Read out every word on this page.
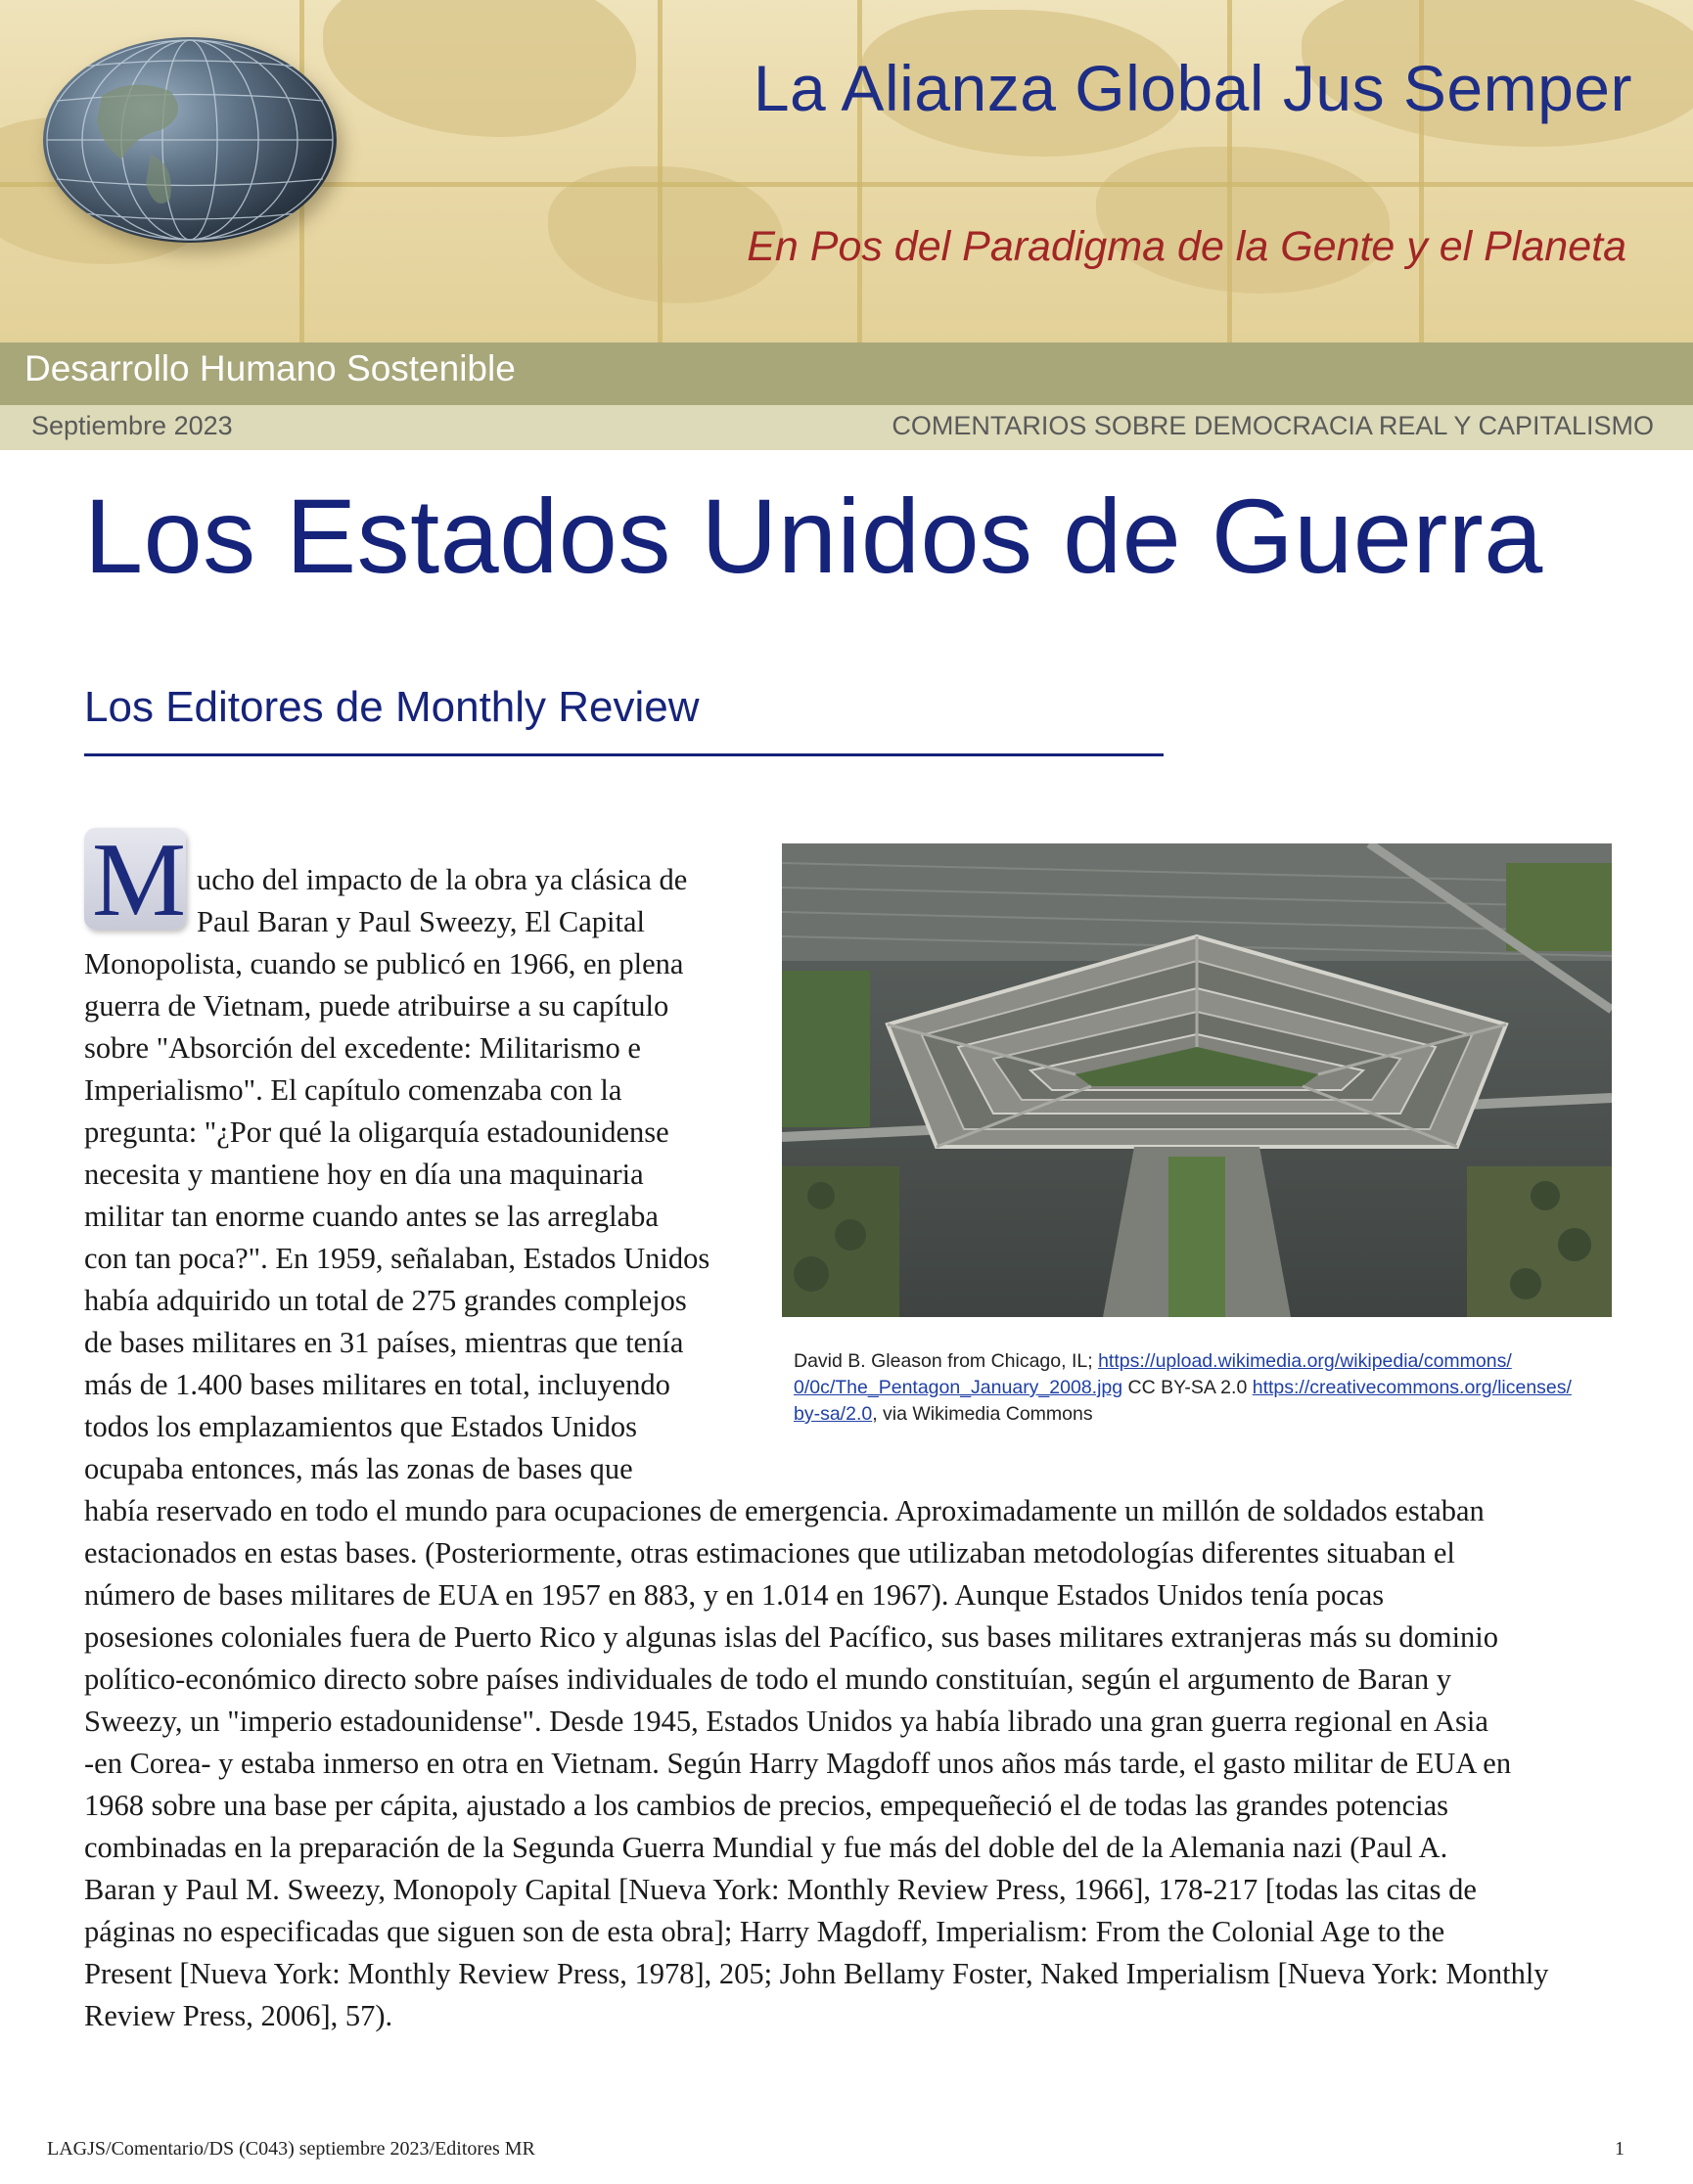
La Alianza Global Jus Semper
En Pos del Paradigma de la Gente y el Planeta
Desarrollo Humano Sostenible
Septiembre 2023	COMENTARIOS SOBRE DEMOCRACIA REAL Y CAPITALISMO
Los Estados Unidos de Guerra
Los Editores de Monthly Review
M ucho del impacto de la obra ya clásica de
Paul Baran y Paul Sweezy, El Capital
Monopolista, cuando se publicó en 1966, en plena
guerra de Vietnam, puede atribuirse a su capítulo
sobre "Absorción del excedente: Militarismo e
Imperialismo". El capítulo comenzaba con la
pregunta: "¿Por qué la oligarquía estadounidense
necesita y mantiene hoy en día una maquinaria
militar tan enorme cuando antes se las arreglaba
con tan poca?". En 1959, señalaban, Estados Unidos
había adquirido un total de 275 grandes complejos
de bases militares en 31 países, mientras que tenía
más de 1.400 bases militares en total, incluyendo
todos los emplazamientos que Estados Unidos
ocupaba entonces, más las zonas de bases que
había reservado en todo el mundo para ocupaciones de emergencia. Aproximadamente un millón de soldados estaban
estacionados en estas bases. (Posteriormente, otras estimaciones que utilizaban metodologías diferentes situaban el
número de bases militares de EUA en 1957 en 883, y en 1.014 en 1967). Aunque Estados Unidos tenía pocas
posesiones coloniales fuera de Puerto Rico y algunas islas del Pacífico, sus bases militares extranjeras más su dominio
político-económico directo sobre países individuales de todo el mundo constituían, según el argumento de Baran y
Sweezy, un "imperio estadounidense". Desde 1945, Estados Unidos ya había librado una gran guerra regional en Asia
-en Corea- y estaba inmerso en otra en Vietnam. Según Harry Magdoff unos años más tarde, el gasto militar de EUA en
1968 sobre una base per cápita, ajustado a los cambios de precios, empequeñeció el de todas las grandes potencias
combinadas en la preparación de la Segunda Guerra Mundial y fue más del doble del de la Alemania nazi (Paul A.
Baran y Paul M. Sweezy, Monopoly Capital [Nueva York: Monthly Review Press, 1966], 178-217 [todas las citas de
páginas no especificadas que siguen son de esta obra]; Harry Magdoff, Imperialism: From the Colonial Age to the
Present [Nueva York: Monthly Review Press, 1978], 205; John Bellamy Foster, Naked Imperialism [Nueva York: Monthly
Review Press, 2006], 57).
David B. Gleason from Chicago, IL; https://upload.wikimedia.org/wikipedia/commons/
0/0c/The_Pentagon_January_2008.jpg CC BY-SA 2.0 https://creativecommons.org/licenses/
by-sa/2.0, via Wikimedia Commons
LAGJS/Comentario/DS (C043) septiembre 2023/Editores MR	1
